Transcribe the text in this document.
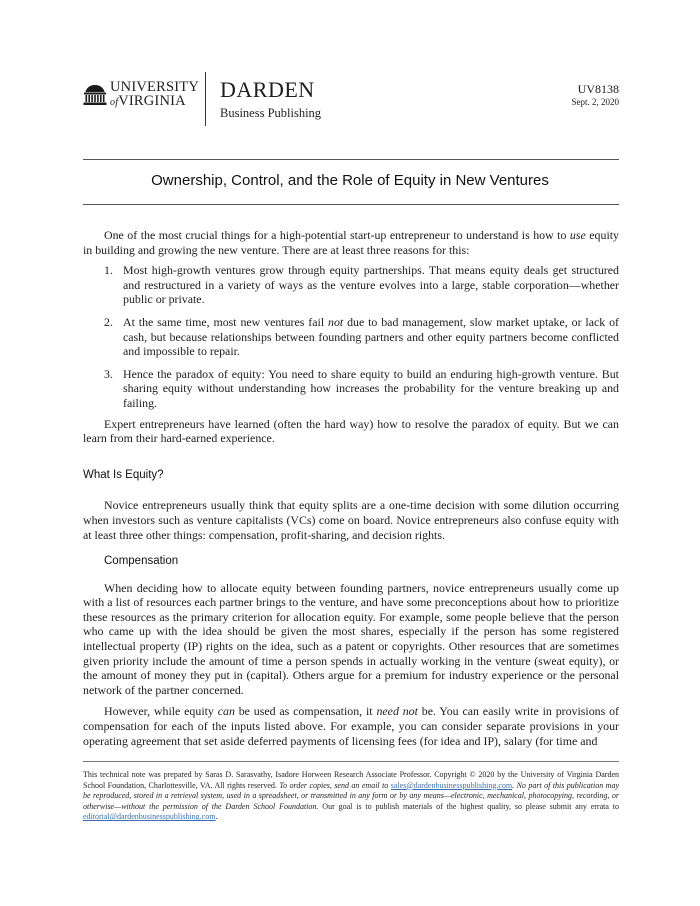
UNIVERSITY
ofVIRGINIA	DARDEN
Business Publishing
UV8138
Sept. 2, 2020
Ownership, Control, and the Role of Equity in New Ventures

One of the most crucial things for a high-potential start-up entrepreneur to understand is how to use equity in building and growing the new venture. There are at least three reasons for this:

1. Most high-growth ventures grow through equity partnerships. That means equity deals get structured and restructured in a variety of ways as the venture evolves into a large, stable corporation—whether public or private.
2. At the same time, most new ventures fail not due to bad management, slow market uptake, or lack of cash, but because relationships between founding partners and other equity partners become conflicted and impossible to repair.
3. Hence the paradox of equity: You need to share equity to build an enduring high-growth venture. But sharing equity without understanding how increases the probability for the venture breaking up and failing.

Expert entrepreneurs have learned (often the hard way) how to resolve the paradox of equity. But we can learn from their hard-earned experience.

What Is Equity?

Novice entrepreneurs usually think that equity splits are a one-time decision with some dilution occurring when investors such as venture capitalists (VCs) come on board. Novice entrepreneurs also confuse equity with at least three other things: compensation, profit-sharing, and decision rights.

Compensation

When deciding how to allocate equity between founding partners, novice entrepreneurs usually come up with a list of resources each partner brings to the venture, and have some preconceptions about how to prioritize these resources as the primary criterion for allocation equity. For example, some people believe that the person who came up with the idea should be given the most shares, especially if the person has some registered intellectual property (IP) rights on the idea, such as a patent or copyrights. Other resources that are sometimes given priority include the amount of time a person spends in actually working in the venture (sweat equity), or the amount of money they put in (capital). Others argue for a premium for industry experience or the personal network of the partner concerned.

However, while equity can be used as compensation, it need not be. You can easily write in provisions of compensation for each of the inputs listed above. For example, you can consider separate provisions in your operating agreement that set aside deferred payments of licensing fees (for idea and IP), salary (for time and

This technical note was prepared by Saras D. Sarasvathy, Isadore Horween Research Associate Professor. Copyright © 2020 by the University of Virginia Darden School Foundation, Charlottesville, VA. All rights reserved. To order copies, send an email to sales@dardenbusinesspublishing.com. No part of this publication may be reproduced, stored in a retrieval system, used in a spreadsheet, or transmitted in any form or by any means—electronic, mechanical, photocopying, recording, or otherwise—without the permission of the Darden School Foundation. Our goal is to publish materials of the highest quality, so please submit any errata to editorial@dardenbusinesspublishing.com.
